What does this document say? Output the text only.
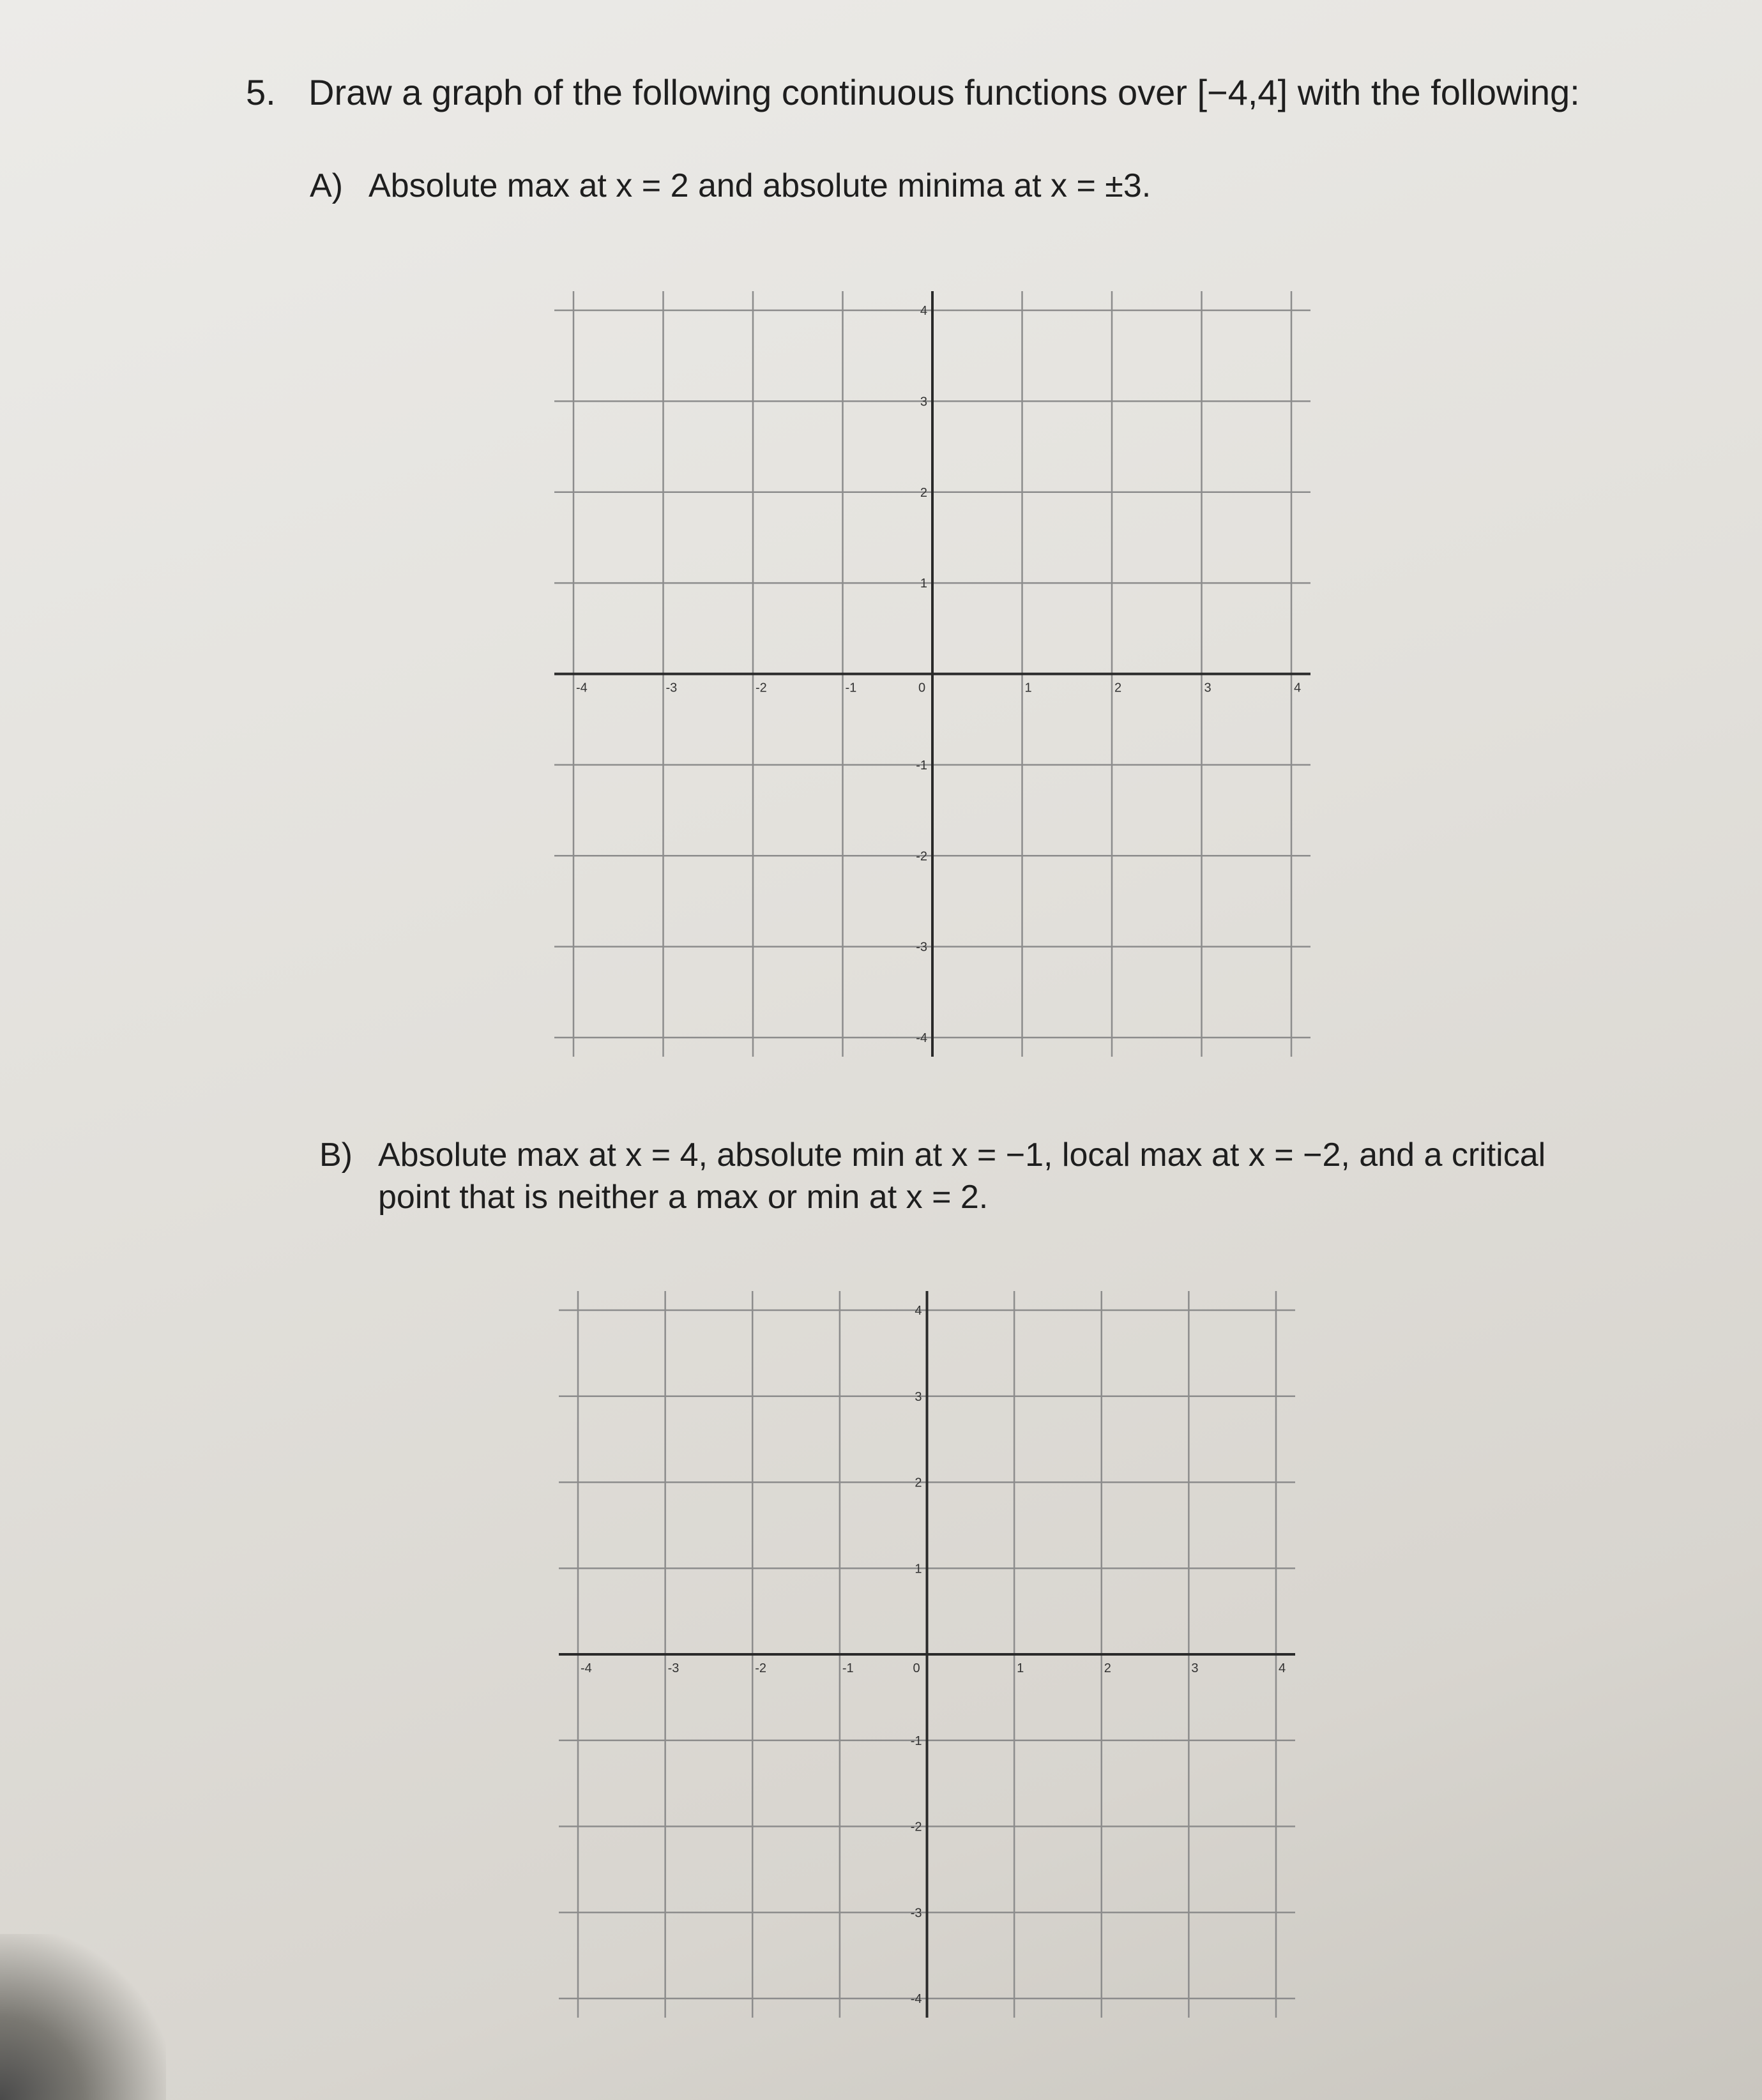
5. Draw a graph of the following continuous functions over [−4,4] with the following:
A) Absolute max at x = 2 and absolute minima at x = ±3.
-4	-3	-2	-1	0	1	2	3	4
4
3
2
1
-1
-2
-3
-4
B) Absolute max at x = 4, absolute min at x = −1, local max at x = −2, and a critical
point that is neither a max or min at x = 2.
-4	-3	-2	-1	0	1	2	3	4
4
3
2
1
-1
-2
-3
-4
